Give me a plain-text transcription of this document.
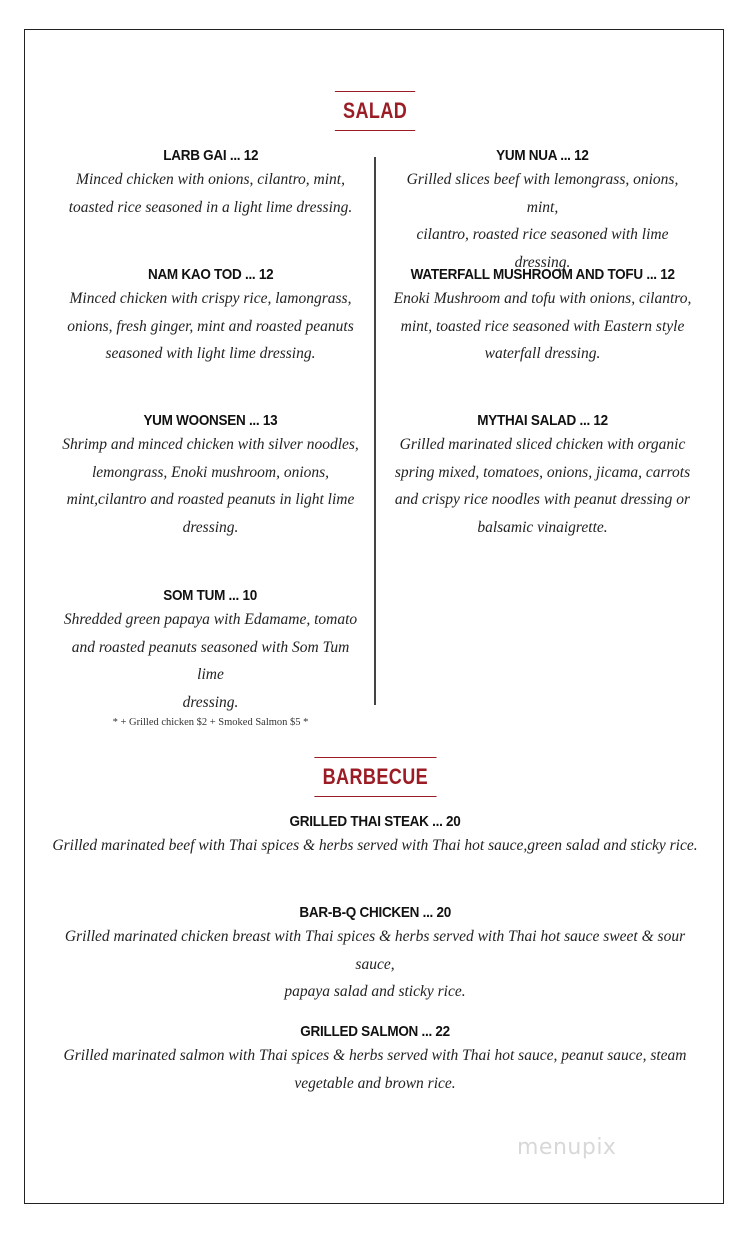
SALAD
LARB GAI ... 12
Minced chicken with onions, cilantro, mint,
toasted rice seasoned in a light lime dressing.
NAM KAO TOD ... 12
Minced chicken with crispy rice, lamongrass,
onions, fresh ginger, mint and roasted peanuts
seasoned with light lime dressing.
YUM WOONSEN ... 13
Shrimp and minced chicken with silver noodles,
lemongrass, Enoki mushroom, onions,
mint,cilantro and roasted peanuts in light lime
dressing.
SOM TUM ... 10
Shredded green papaya with Edamame, tomato
and roasted peanuts seasoned with Som Tum lime
dressing.
* + Grilled chicken $2 + Smoked Salmon $5 *
YUM NUA ... 12
Grilled slices beef with lemongrass, onions, mint,
cilantro, roasted rice seasoned with lime dressing.
WATERFALL MUSHROOM AND TOFU ... 12
Enoki Mushroom and tofu with onions, cilantro,
mint, toasted rice seasoned with Eastern style
waterfall dressing.
MYTHAI SALAD ... 12
Grilled marinated sliced chicken with organic
spring mixed, tomatoes, onions, jicama, carrots
and crispy rice noodles with peanut dressing or
balsamic vinaigrette.
BARBECUE
GRILLED THAI STEAK ... 20
Grilled marinated beef with Thai spices & herbs served with Thai hot sauce,green salad and sticky rice.
BAR-B-Q CHICKEN ... 20
Grilled marinated chicken breast with Thai spices & herbs served with Thai hot sauce sweet & sour sauce,
papaya salad and sticky rice.
GRILLED SALMON ... 22
Grilled marinated salmon with Thai spices & herbs served with Thai hot sauce, peanut sauce, steam
vegetable and brown rice.
menupix
